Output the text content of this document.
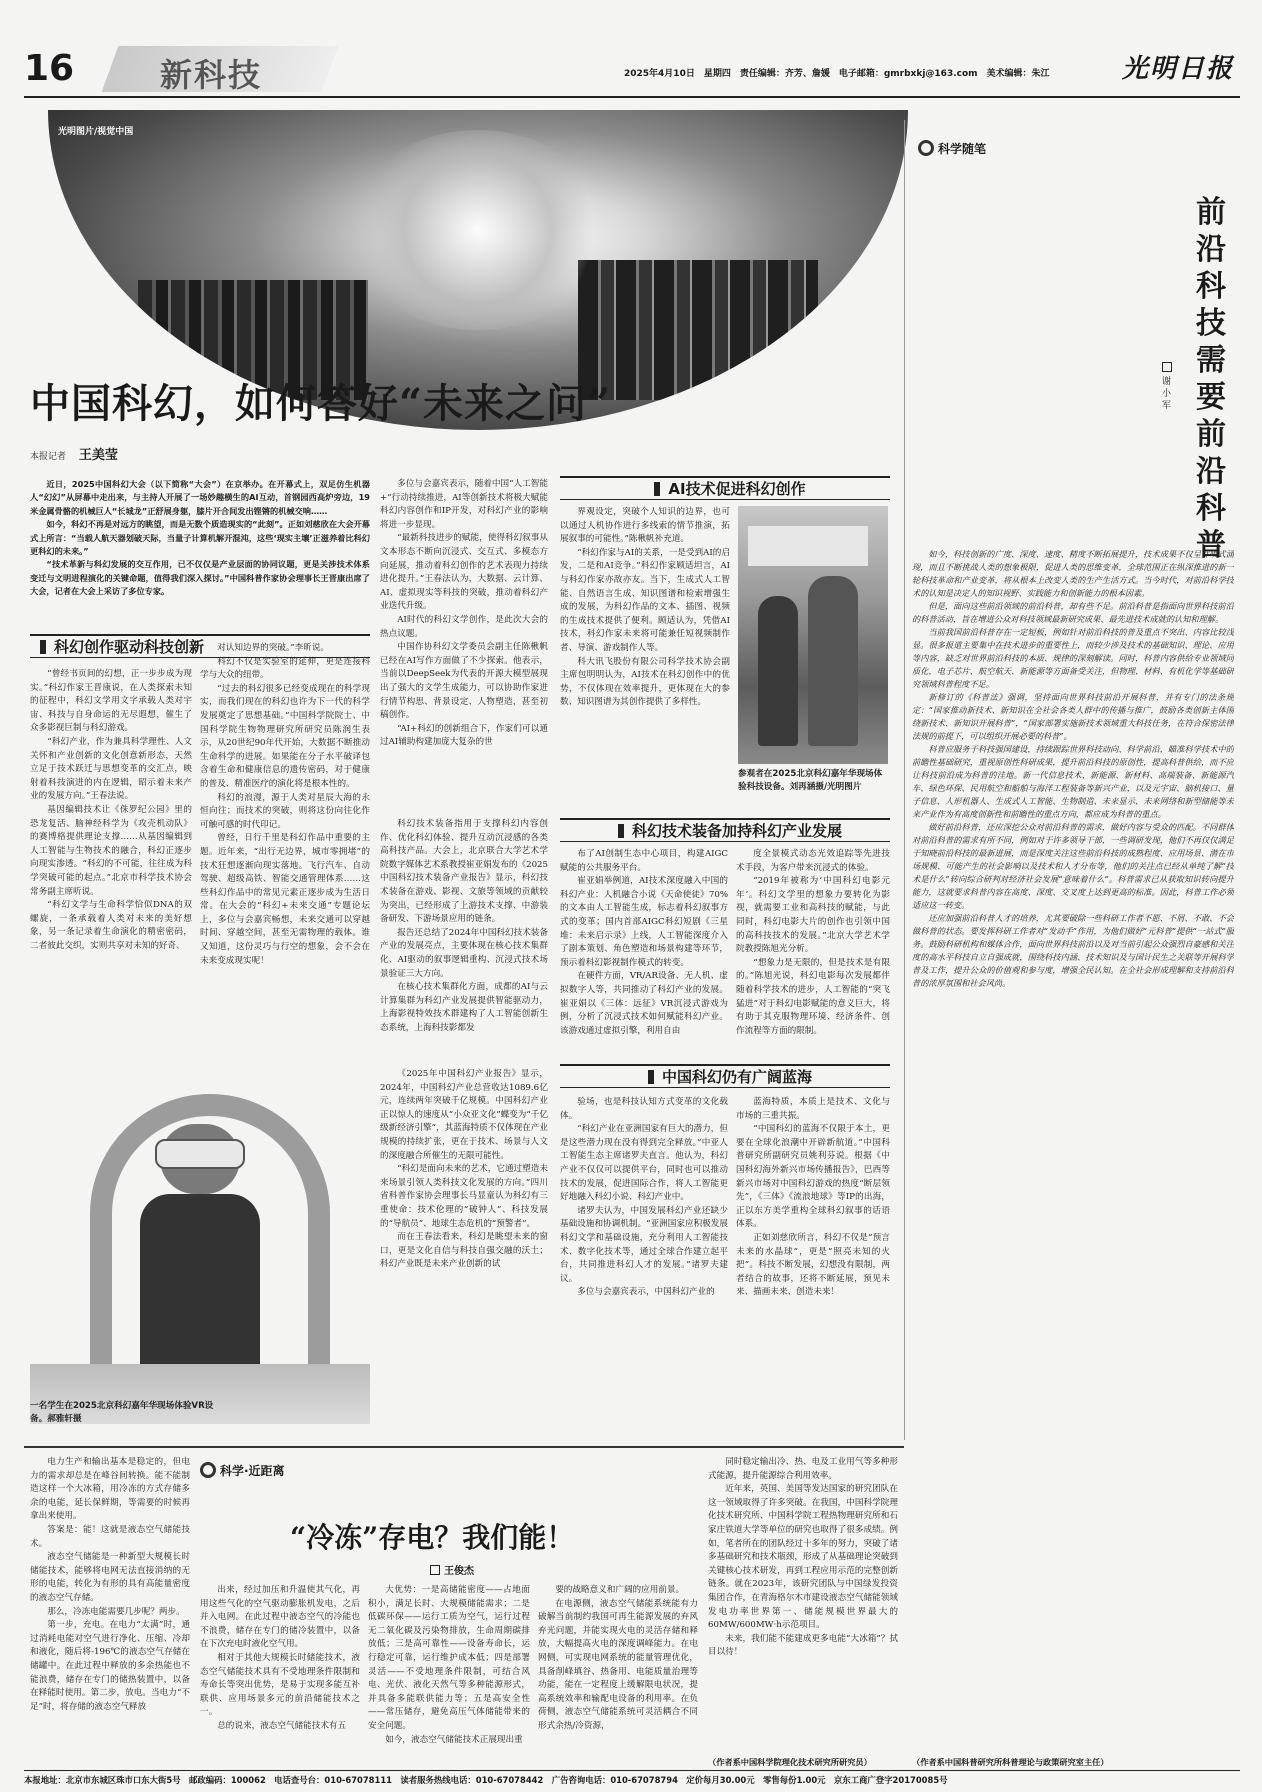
16	新科技	2025年4月10日　星期四　责任编辑：齐芳、詹媛　电子邮箱：gmrbxkj@163.com　美术编辑：朱江	光明日报
光明图片/视觉中国
中国科幻，如何答好“未来之问”
本报记者 王美莹

近日，2025中国科幻大会（以下简称“大会”）在京举办。在开幕式上，双足仿生机器人“幻幻”从屏幕中走出来，与主持人开展了一场妙趣横生的AI互动，首钢园西高炉旁边，19米金属骨骼的机械巨人“长城龙”正舒展身躯，膝片开合间发出铿锵的机械交响……

如今，科幻不再是对远方的眺望，而是无数个质造现实的“此刻”。正如刘慈欣在大会开幕式上所言：“当载人航天器划破天际，当量子计算机解开混沌，这些‘现实主壤’正滋养着比科幻更科幻的未来。”

“技术革新与科幻发展的交互作用，已不仅仅是产业层面的协同议题，更是关涉技术体系变迁与文明进程演化的关键命题，值得我们深入探讨。”中国科普作家协会理事长王晋康出席了大会，记者在大会上采访了多位专家。

科幻创作驱动科技创新

“曾经书页间的幻想，正一步步成为现实。”科幻作家王晋康说，在人类探索未知的征程中，科幻文学用文字承载人类对宇宙、科技与自身命运的无尽遐想，催生了众多影视巨制与科幻游戏。

“科幻产业，作为兼具科学理性、人文关怀和产业创新的文化创意新形态，天然立足于技术跃迁与思想变革的交汇点，映射着科技演进的内在逻辑，昭示着未来产业的发展方向。”王春法说。

基因编辑技术让《侏罗纪公园》里的恐龙复活、脑神经科学为《攻壳机动队》的赛博格提供理论支撑……从基因编辑到人工智能与生物技术的融合，科幻正逐步向现实渗透。“科幻的不可能，往往成为科学突破可能的起点。”北京市科学技术协会常务副主席听说。

“科幻文学与生命科学恰似DNA的双螺旋，一条承载着人类对未来的美好想象，另一条记录着生命演化的精密密码，二者彼此交织，实则共享对未知的好奇、

对认知边界的突破。”李昕说。

科幻不仅是实验室的延伸，更是连接科学与大众的纽带。

“过去的科幻很多已经变成现在的科学现实，而我们现在的科幻也许为下一代的科学发展奠定了思想基础。”中国科学院院士、中国科学院生物物理研究所研究员陈润生表示，从20世纪90年代开始，大数据不断推动生命科学的进展。如果能在分子水平破译包含着生命和健康信息的遗传密码，对于健康的普及、精准医疗的演化将是根本性的。

科幻的浪漫，源于人类对星辰大海的永恒向往；而技术的突破，则将这份向往化作可触可感的时代印记。

曾经，日行千里是科幻作品中重要的主题。近年来，“出行无边界，城市零拥堵”的技术狂想逐渐向现实落地。飞行汽车、自动驾驶、超级高铁、智能交通管理体系……这些科幻作品中的常见元素正逐步成为生活日常。在大会的“科幻+未来交通”专题论坛上，多位与会嘉宾畅想，未来交通可以穿越时间、穿越空间，甚至无需物理的载体。谁又知道，这份灵巧与行空的想象，会不会在未来变成现实呢！

多位与会嘉宾表示，随着中国“人工智能+”行动持续推进，AI等创新技术将极大赋能科幻内容创作和IP开发，对科幻产业的影响将进一步显现。

“最新科技进步的赋能，使得科幻叙事从文本形态不断向沉浸式、交互式、多模态方向延展，推动着科幻创作的艺术表现力持续进化提升。”王春法认为，大数据、云计算、AI、虚拟现实等科技的突破，推动着科幻产业迭代升级。

AI时代的科幻文学创作，是此次大会的热点议题。

中国作协科幻文学委员会副主任陈楸帆已经在AI写作方面做了不少探索。他表示，当前以DeepSeek为代表的开源大模型展现出了强大的文学生成能力，可以协助作家进行情节构思、背景设定、人物塑造，甚至初稿创作。

“AI+科幻的创新组合下，作家们可以通过AI辅助构建加庞大复杂的世

AI技术促进科幻创作

界观设定，突破个人知识的边界，也可以通过人机协作进行多线索的情节推演，拓展叙事的可能性。”陈楸帆补充道。

“科幻作家与AI的关系，一是受到AI的启发，二是和AI竞争。”科幻作家顾适坦言，AI与科幻作家亦敌亦友。当下，生成式人工智能、自然语言生成、知识图谱和检索增强生成的发展，为科幻作品的文本、插图、视频的生成技术提供了便利。顾适认为，凭借AI技术，科幻作家未来将可能兼任短视频制作者、导演、游戏制作人等。

科大讯飞股份有限公司科学技术协会副主席包明明认为，AI技术在科幻创作中的优势，不仅体现在效率提升，更体现在大的参数、知识图谱为其创作提供了多样性。

参观者在2025北京科幻嘉年华现场体验科技设备。刘再涵摄/光明图片
科幻技术装备加持科幻产业发展

科幻技术装备指用于支撑科幻内容创作、优化科幻体验、提升互动沉浸感的各类高科技产品。大会上，北京联合大学艺术学院数字媒体艺术系教授崔亚娟发布的《2025中国科幻技术装备产业报告》显示，科幻技术装备在游戏、影视、文旅等领域的贡献较为突出，已经形成了上游技术支撑、中游装备研发、下游场景应用的链条。

报告还总结了2024年中国科幻技术装备产业的发展亮点，主要体现在核心技术集群化、AI驱动的叙事逻辑重构、沉浸式技术场景验证三大方向。

在核心技术集群化方面，成都的AI与云计算集群为科幻产业发展提供智能驱动力，上海影视特效技术群建构了人工智能创新生态系统，上海科技影都发

布了AI创制生态中心项目，构建AIGC赋能的公共服务平台。

崔亚娟举例道，AI技术深度融入中国的科幻产业：人机融合小说《天命使徒》70%的文本由人工智能生成，标志着科幻叙事方式的变革；国内首部AIGC科幻短剧《三星堆：未来启示录》上线，人工智能深度介入了剧本策划、角色塑造和场景构建等环节，预示着科幻影视制作模式的转变。

在硬件方面，VR/AR设备、无人机、虚拟数字人等，共同推动了科幻产业的发展。崔亚娟以《三体：远征》VR沉浸式游戏为例，分析了沉浸式技术如何赋能科幻产业。该游戏通过虚拟引擎，利用自由

度全景模式动态光效追踪等先进技术手段，为客户带来沉浸式的体验。

“2019年被称为‘中国科幻电影元年’。科幻文学里的想象力要转化为影视，就需要工业和高科技的赋能，与此同时，科幻电影大片的创作也引领中国的高科技技术的发展。”北京大学艺术学院教授陈旭光分析。

“想象力是无限的，但是技术是有限的。”陈旭光说，科幻电影每次发展都伴随着科学技术的进步，人工智能的“突飞猛进”对于科幻电影赋能的意义巨大，将有助于其克服物理环境、经济条件、创作流程等方面的限制。

一名学生在2025北京科幻嘉年华现场体验VR设备。郝雅轩摄

《2025年中国科幻产业报告》显示，2024年，中国科幻产业总营收达1089.6亿元，连续两年突破千亿规模。中国科幻产业正以惊人的速度从“小众亚文化”蝶变为“千亿级新经济引擎”，其蓝海特质不仅体现在产业规模的持续扩张，更在于技术、场景与人文的深度融合所催生的无限可能性。

“科幻是面向未来的艺术，它通过塑造未来场景引领人类科技文化发展的方向。”四川省科普作家协会理事长马显童认为科幻有三重使命：技术伦理的“破钟人”、科技发展的“导航员”、地球生态危机的“预警者”。

而在王春法看来，科幻是眺望未来的窗口，更是文化自信与科技自强交融的沃土；科幻产业既是未来产业创新的试

中国科幻仍有广阔蓝海

验场，也是科技认知方式变革的文化载体。

“科幻产业在亚洲国家有巨大的潜力，但是这些潜力现在没有得到完全释放。”中亚人工智能生态主席诸罗夫直言。他认为，科幻产业不仅仅可以提供平台，同时也可以推动技术的发展，促进国际合作，将人工智能更好地融入科幻小说、科幻产业中。

诸罗夫认为，中国发展科幻产业还缺少基础设施和协调机制。“亚洲国家应积极发展科幻文学和基础设施，充分利用人工智能技术、数字化技术等，通过全球合作建立起平台，共同推进科幻人才的发展。”诸罗夫建议。

多位与会嘉宾表示，中国科幻产业的

蓝海特质，本质上是技术、文化与市场的三重共振。

“中国科幻的蓝海不仅限于本土，更要在全球化浪潮中开辟新航道。”中国科普研究所副研究员姚利芬说。根据《中国科幻海外新兴市场传播报告》，巴西等新兴市场对中国科幻游戏的热度“断层领先”，《三体》《流浪地球》等IP的出海，正以东方美学重构全球科幻叙事的话语体系。

正如刘慈欣所言，科幻不仅是“预言未来的水晶球”，更是“照亮未知的火把”。科技不断发展，幻想没有限制，两者结合的故事，还将不断延展，预见未来、描画未来、创造未来！

科学随笔
前沿科技需要前沿科普
谢小军

如今，科技创新的广度、深度、速度、精度不断拓展提升，技术成果不仅呈井喷式涌现，而且不断挑战人类的想象极限，促进人类的思维变革，全球范围正在纵深推进的新一轮科技革命和产业变革，将从根本上改变人类的生产生活方式。当今时代，对前沿科学技术的认知是决定人的知识视野、实践能力和创新能力的根本因素。

但是，面向这些前沿领域的前沿科普，却有些不足。前沿科普是指面向世界科技前沿的科普活动，旨在增进公众对科技领域最新研究成果、最先进技术成就的认知和理解。

当前我国前沿科普存在一定短板，例如针对前沿科技的普及重点不突出、内容比较浅显。很多报道主要集中在技术进步的重要性上，而较少涉及技术的基础知识、理论、应用等内容，缺乏对世界前沿科技的本质、规律的深刻解读。同时，科普内容供给专业领域同质化，电子芯片、航空航天、新能源等方面备受关注，但物理、材料、有机化学等基础研究领域科普程度不足。

新修订的《科普法》强调，坚持面向世界科技前沿开展科普，并有专门的法条规定：“国家推动新技术、新知识在全社会各类人群中的传播与推广，鼓励各类创新主体围绕新技术、新知识开展科普”，“国家部署实施新技术领域重大科技任务，在符合保密法律法规的前提下，可以组织开展必要的科普”。

科普应服务于科技强国建设，持续跟踪世界科技动向、科学前沿，瞄准科学技术中的前瞻性基础研究，重视原创性科研成果，提升前沿科技的原创性，提高科普供给，而不应让科技前沿成为科普的洼地。新一代信息技术、新能源、新材料、高端装备、新能源汽车、绿色环保、民用航空和船舶与海洋工程装备等新兴产业，以及元宇宙、脑机接口、量子信息、人形机器人、生成式人工智能、生物制造、未来显示、未来网络和新型储能等未来产业作为有高度创新性和前瞻性的重点方向，都应成为科普的重点。

做好前沿科普，还应深挖公众对前沿科普的需求，做好内容与受众的匹配。不同群体对前沿科普的需求有所不同，例如对于许多领导干部，一些调研发现，他们不再仅仅满足于知晓前沿科技的最新进展，而是深度关注这些前沿科技的成熟程度、应用场景、潜在市场规模、可能产生的社会影响以及技术和人才分布等，他们的关注点已经从单纯了解“技术是什么”转向综合研判对经济社会发展“意味着什么”。科普需求已从获取知识转向提升能力，这就要求科普内容在高度、深度、交叉度上达到更高的标准。因此，科普工作必须适应这一转变。

还应加强前沿科普人才的培养，尤其要破除一些科研工作者不愿、不屑、不敢、不会做科普的状态。要发挥科研工作者对“发动手”作用，为他们做好“元科普”提供“一站式”服务。鼓励科研机构和媒体合作，面向世界科技前沿以及对当前引起公众强烈自豪感和关注度的高水平科技自立自强成就，围绕科技内涵、技术知识及与国计民生之关联等开展科学普及工作，提升公众的价值观和参与度，增强全民认知。在全社会形成理解和支持前沿科普的浓厚氛围和社会风尚。

（作者系中国科普研究所科普理论与政策研究室主任）

电力生产和输出基本是稳定的，但电力的需求却总是在峰谷间转换。能不能制造这样一个大冰箱，用冷冻的方式存储多余的电能，延长保鲜期，等需要的时候再拿出来使用。

答案是：能！这就是液态空气储能技术。

液态空气储能是一种新型大规模长时储能技术，能够将电网无法直接消纳的无形的电能，转化为有形的具有高能量密度的液态空气存储。

那么，冷冻电能需要几步呢？两步。

第一步，充电。在电力“太满”时，通过消耗电能对空气进行净化、压缩、冷却和液化，随后将-196℃的液态空气存储在储罐中。在此过程中释放的多余热能也不能浪费，储存在专门的储热装置中，以备在释能时使用。第二步，放电。当电力“不足”时，将存储的液态空气释放

科学·近距离
“冷冻”存电？我们能！
王俊杰

出来，经过加压和升温使其气化，再用这些气化的空气驱动膨胀机发电，之后并入电网。在此过程中液态空气的冷能也不浪费，储存在专门的储冷装置中，以备在下次充电时液化空气用。

相对于其他大规模长时储能技术，液态空气储能技术具有不受地理条件限制和寿命长等突出优势，是易于实现多能互补联供、应用场景多元的前沿储能技术之一。

总的说来，液态空气储能技术有五

大优势：一是高储能密度——占地面积小，满足长时、大规模储能需求；二是低碳环保——运行工质为空气，运行过程无二氧化碳及污染物排放，生命周期碳排放低；三是高可靠性——设备寿命长，运行稳定可靠，运行维护成本低；四是部署灵活——不受地理条件限制，可结合风电、光伏、液化天然气等多种能源形式，并具备多能联供能力等；五是高安全性——常压储存，避免高压气体储能带来的安全问题。

如今，液态空气储能技术正展现出重

要的战略意义和广阔的应用前景。

在电源侧，液态空气储能系统能有力破解当前制约我国可再生能源发展的弃风弃光问题，并能实现火电的灵活存储和释放，大幅提高火电的深度调峰能力。在电网侧，可实现电网系统的能量管理优化，具备削峰填谷、热备用、电能质量治理等功能，能在一定程度上缓解限电状况，提高系统效率和输配电设备的利用率。在负荷侧，液态空气储能系统可灵活耦合不同形式余热/冷资源，

同时稳定输出冷、热、电及工业用气等多种形式能源，提升能源综合利用效率。

近年来，英国、美国等发达国家的研究团队在这一领域取得了许多突破。在我国，中国科学院理化技术研究所、中国科学院工程热物理研究所和石家庄铁道大学等单位的研究也取得了很多成绩。例如，笔者所在的团队经过十多年的努力，突破了诸多基础研究和技术瓶颈，形成了从基础理论突破到关键核心技术研发，再到工程应用示范的完整创新链条。就在2023年，该研究团队与中国绿发投资集团合作，在青海格尔木市建设液态空气储能领域发电功率世界第一、储能规模世界最大的60MW/600MW·h示范项目。

未来，我们能不能建成更多电能“大冰箱”？拭目以待！

（作者系中国科学院理化技术研究所研究员）
本报地址：北京市东城区珠市口东大街5号　邮政编码：100062　电话查号台：010-67078111　读者服务热线电话：010-67078442　广告咨询电话：010-67078794　定价每月30.00元　零售每份1.00元　京东工商广登字20170085号
